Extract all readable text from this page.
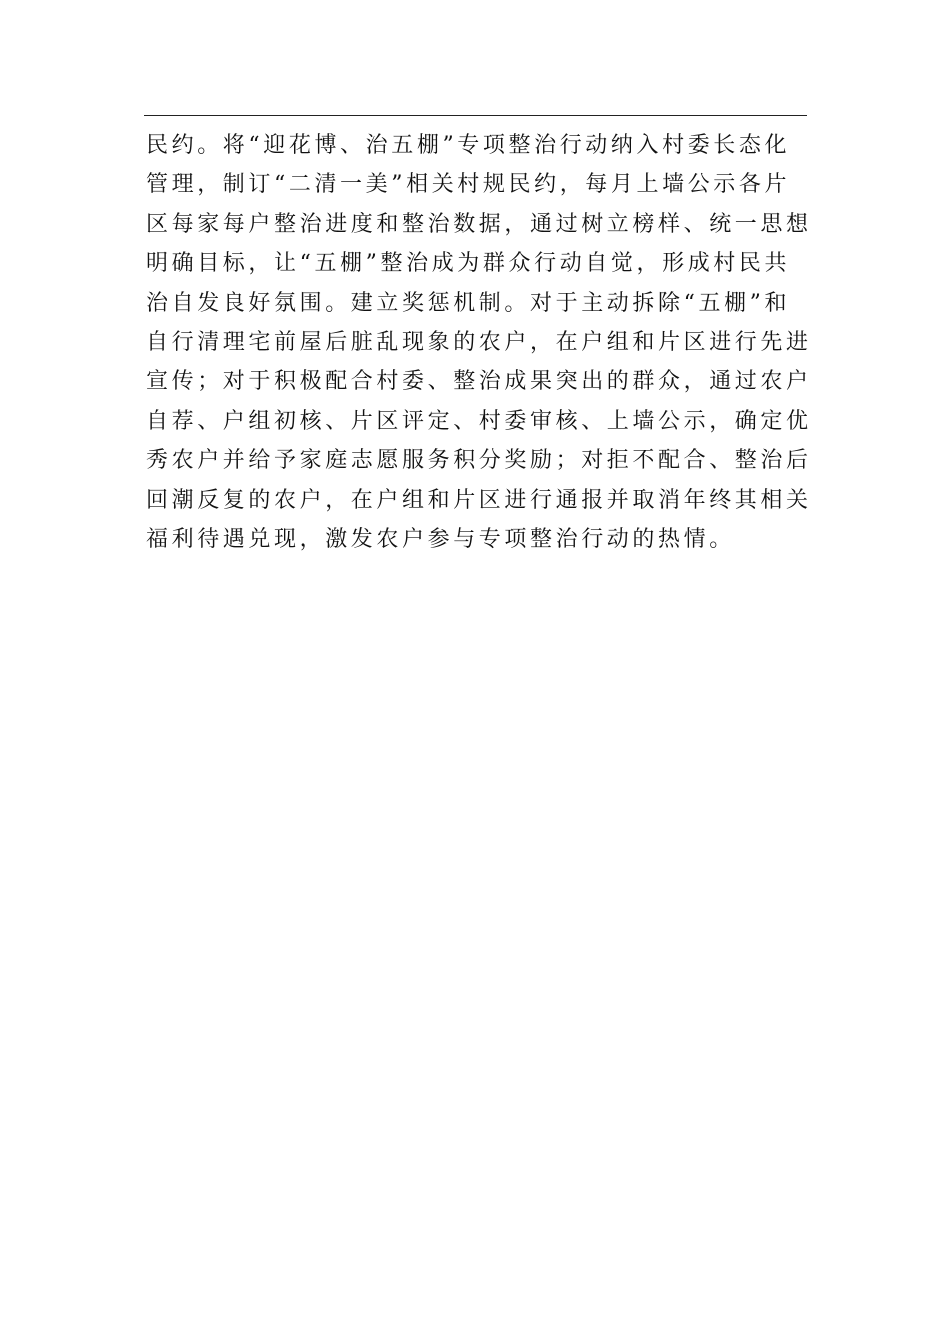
民约。将“迎花博、治五棚”专项整治行动纳入村委长态化
管理，制订“二清一美”相关村规民约，每月上墙公示各片
区每家每户整治进度和整治数据，通过树立榜样、统一思想
明确目标，让“五棚”整治成为群众行动自觉，形成村民共
治自发良好氛围。建立奖惩机制。对于主动拆除“五棚”和
自行清理宅前屋后脏乱现象的农户，在户组和片区进行先进
宣传；对于积极配合村委、整治成果突出的群众，通过农户
自荐、户组初核、片区评定、村委审核、上墙公示，确定优
秀农户并给予家庭志愿服务积分奖励；对拒不配合、整治后
回潮反复的农户，在户组和片区进行通报并取消年终其相关
福利待遇兑现，激发农户参与专项整治行动的热情。
